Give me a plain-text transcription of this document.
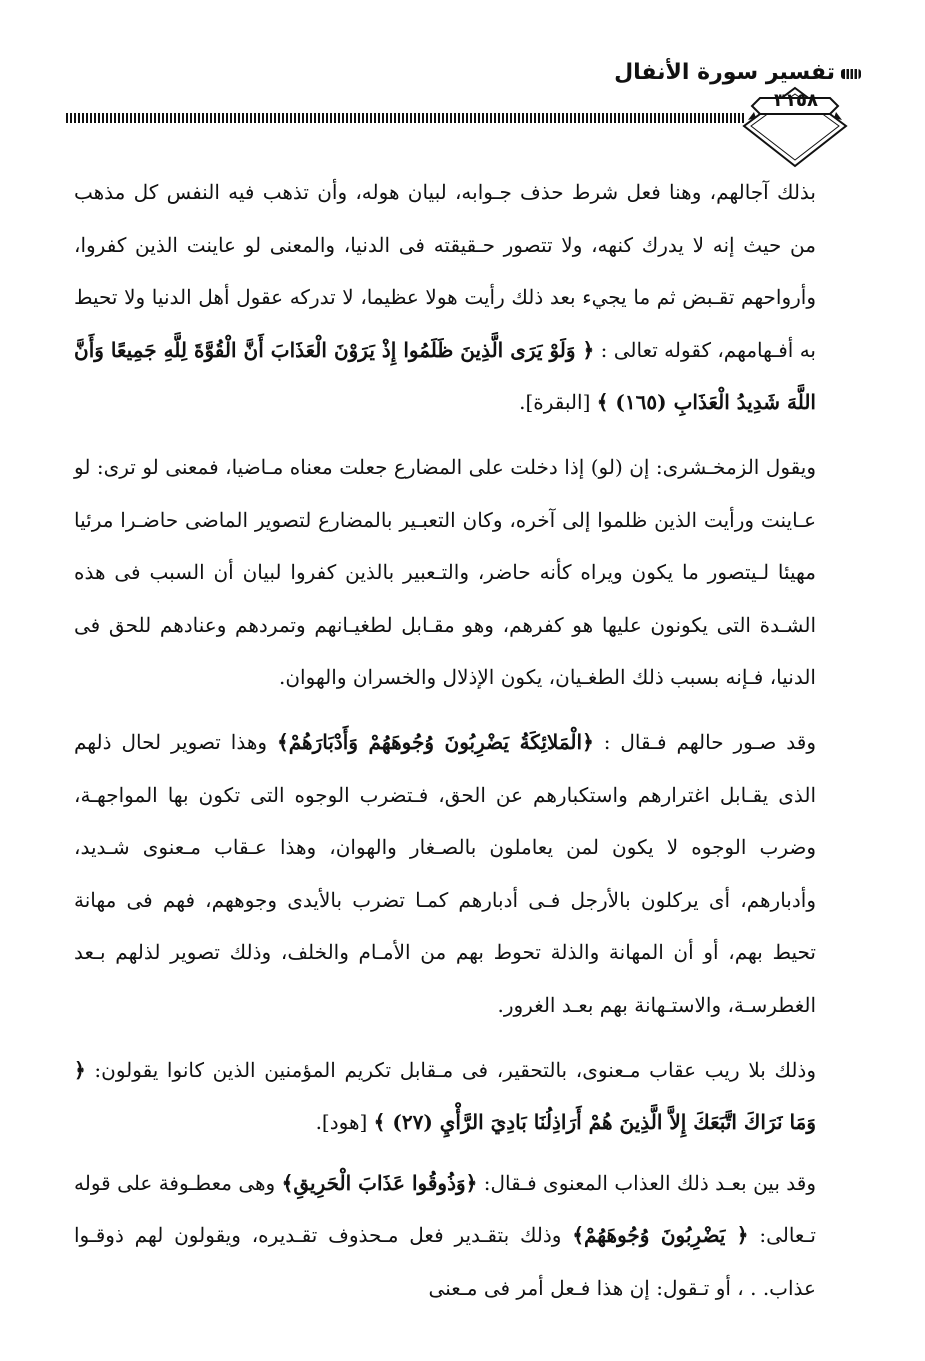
تفسير سورة الأنفال
٣١٥٨

بذلك آجالهم، وهنا فعل شرط حذف جـوابه، لبيان هوله، وأن تذهب فيه النفس كل مذهب من حيث إنه لا يدرك كنهه، ولا تتصور حـقيقته فى الدنيا، والمعنى لو عاينت الذين كفروا، وأرواحهم تقـبض ثم ما يجيء بعد ذلك رأيت هولا عظيما، لا تدركه عقول أهل الدنيا ولا تحيط به أفـهامهم، كقوله تعالى : ﴿ وَلَوْ يَرَى الَّذِينَ ظَلَمُوا إِذْ يَرَوْنَ الْعَذَابَ أَنَّ الْقُوَّةَ لِلَّهِ جَمِيعًا وَأَنَّ اللَّهَ شَدِيدُ الْعَذَابِ (١٦٥) ﴾ [البقرة].

ويقول الزمخـشرى: إن (لو) إذا دخلت على المضارع جعلت معناه مـاضيا، فمعنى لو ترى: لو عـاينت ورأيت الذين ظلموا إلى آخره، وكان التعبـير بالمضارع لتصوير الماضى حاضـرا مرئيا مهيئا لـيتصور ما يكون ويراه كأنه حاضر، والتـعبير بالذين كفروا لبيان أن السبب فى هذه الشـدة التى يكونون عليها هو كفرهم، وهو مقـابل لطغيـانهم وتمردهم وعنادهم للحق فى الدنيا، فـإنه بسبب ذلك الطغـيان، يكون الإذلال والخسران والهوان.

وقد صـور حالهم فـقال : ﴿الْمَلائِكَةُ يَضْرِبُونَ وُجُوهَهُمْ وَأَدْبَارَهُمْ﴾ وهذا تصوير لحال ذلهم الذى يقـابل اغترارهم واستكبارهم عن الحق، فـتضرب الوجوه التى تكون بها المواجهـة، وضرب الوجوه لا يكون لمن يعاملون بالصـغار والهوان، وهذا عـقاب مـعنوى شـديد، وأدبارهم، أى يركلون بالأرجل فـى أدبارهم كمـا تضرب بالأيدى وجوههم، فهم فى مهانة تحيط بهم، أو أن المهانة والذلة تحوط بهم من الأمـام والخلف، وذلك تصوير لذلهم بـعد الغطرسـة، والاستـهانة بهم بعـد الغرور.

وذلك بلا ريب عقاب مـعنوى، بالتحقير، فى مـقابل تكريم المؤمنين الذين كانوا يقولون: ﴿ وَمَا نَرَاكَ اتَّبَعَكَ إِلاَّ الَّذِينَ هُمْ أَرَاذِلُنَا بَادِيَ الرَّأْيِ (٢٧) ﴾ [هود].

وقد بين بعـد ذلك العذاب المعنوى فـقال: ﴿وَذُوقُوا عَذَابَ الْحَرِيقِ﴾ وهى معطـوفة على قوله تـعالى: ﴿ يَضْرِبُونَ وُجُوهَهُمْ﴾ وذلك بتقـدير فعل مـحذوف تقـديره، ويقولون لهم ذوقـوا عذاب. . ، أو تـقول: إن هذا فـعل أمر فى مـعنى
